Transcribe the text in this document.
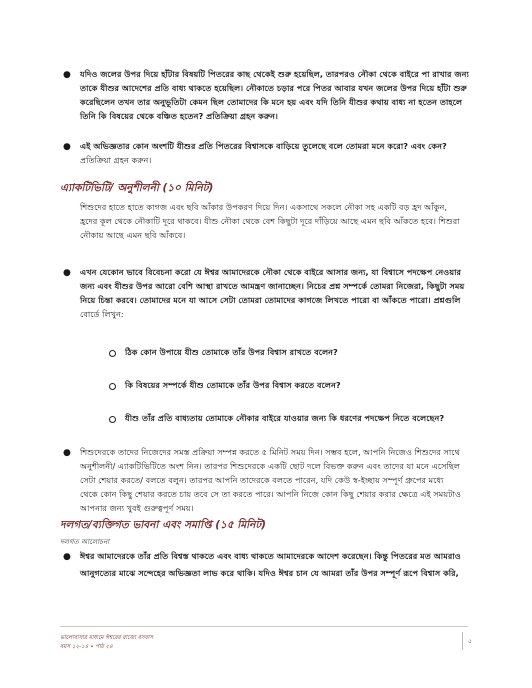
● যদিও জলের উপর দিয়ে হাঁটার বিষয়টি পিতরের কাছ থেকেই শুরু হয়েছিল, তারপরও নৌকা থেকে বাইরে পা রাখার জন্য
তাকে যীশুর আদেশের প্রতি বাধ্য থাকতে হয়েছিল। নৌকাতে চড়ার পরে পিতর আবার যখন জলের উপর দিয়ে হাঁটা শুরু
করেছিলেন তখন তার অনুভূতিটা কেমন ছিল তোমাদের কি মনে হয় এবং যদি তিনি যীশুর কথায় বাধ্য না হতেন তাহলে
তিনি কি বিষয়ের থেকে বঞ্চিত হতেন? প্রতিক্রিয়া গ্রহন করুন।
● এই অভিজ্ঞতার কোন অংশটি যীশুর প্রতি পিতরের বিশ্বাসকে বাড়িয়ে তুলেছে বলে তোমরা মনে করো? এবং কেন?
প্রতিক্রিয়া গ্রহন করুন।
এ্যাকটিভিটি/ অনুশীলনী (১০ মিনিট)
শিশুদের হাতে হাতে কাগজ এবং ছবি আঁকার উপকরণ দিয়ে দিন। একসাথে সকলে নৌকা সহ একটি বড় হ্রদ আঁকুন,
হ্রদের কূল থেকে নৌকাটি দূরে থাকবে। যীশু নৌকা থেকে বেশ কিছুটা দূরে দাঁড়িয়ে আছে এমন ছবি আঁকতে হবে। শিশুরা
নৌকায় আছে এমন ছবি আঁকবে।
● এখন যেকোন ভাবে বিবেচনা করো যে ঈশ্বর আমাদেরকে নৌকা থেকে বাইরে আসার জন্য, যা বিশ্বাসে পদক্ষেপ নেওয়ার
জন্য এবং যীশুর উপর আরো বেশি আস্থা রাখতে আমন্ত্রণ জানাচ্ছেন। নিচের প্রশ্ন সম্পর্কে তোমরা নিজেরা, কিছুটা সময়
নিয়ে চিন্তা করবে। তোমাদের মনে যা আসে সেটা তোমরা তোমাদের কাগজে লিখতে পারো বা আঁকতে পারো। প্রশ্নগুলি
বোর্ডে লিখুন:
ঠিক কোন উপায়ে যীশু তোমাকে তাঁর উপর বিশ্বাস রাখতে বলেন?
কি বিষয়ের সম্পর্কে যীশু তোমাকে তাঁর উপর বিশ্বাস করতে বলেন?
যীশু তাঁর প্রতি বাধ্যতায় তোমাকে নৌকার বাইরে যাওয়ার জন্য কি ধরণের পদক্ষেপ নিতে বলেছেন?
● শিশুদেরকে তাদের নিজেদের সমস্ত প্রক্রিয়া সম্পন্ন করতে ৫ মিনিট সময় দিন। সম্ভব হলে, আপনি নিজেও শিশুদের সাথে
অনুশীলনী/ এ্যাকটিভিটিতে অংশ নিন। তারপর শিশুদেরকে একটি ছোট দলে বিভক্ত করুন এবং তাদের যা মনে এসেছিল
সেটা শেয়ার করতে/ বলতে বলুন। তারপর আপনি তাদেরকে বলতে পারেন, যদি কেউ স্ব-ইচ্ছায় সম্পূর্ণ গ্রুপের মধ্যে
থেকে কোন কিছু শেয়ার করতে চায় তবে সে তা করতে পারে। আপনি নিজে কোন কিছু শেয়ার করার ক্ষেত্রে এই সময়টাও
আপনার জন্য খুবই গুরুত্বপূর্ণ সময়।
দলগত/ব্যক্তিগত ভাবনা এবং সমাপ্তি (১৫ মিনিট)
দলগত আলোচনা
● ঈশ্বর আমাদেরকে তাঁর প্রতি বিশ্বস্ত থাকতে এবং বাধ্য থাকতে আমাদেরকে আদেশ করেছেন। কিন্তু পিতরের মত আমরাও
আনুগত্যের মাঝে সন্দেহের অভিজ্ঞতা লাভ করে থাকি। যদিও ঈশ্বর চান যে আমরা তাঁর উপর সম্পূর্ণ রূপে বিশ্বাস করি,
ভালোবাসার মাধ্যমে ঈশ্বরের রাজ্যে বসবাস
বয়স ১২-১৪ • পাঠ ২৪
৫
